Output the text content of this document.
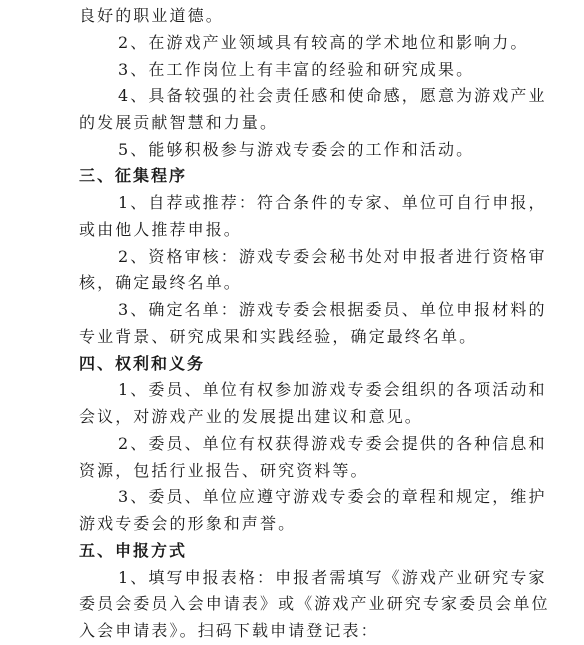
良好的职业道德。
2、在游戏产业领域具有较高的学术地位和影响力。
3、在工作岗位上有丰富的经验和研究成果。
4、具备较强的社会责任感和使命感，愿意为游戏产业
的发展贡献智慧和力量。
5、能够积极参与游戏专委会的工作和活动。
三、征集程序
1、自荐或推荐：符合条件的专家、单位可自行申报，
或由他人推荐申报。
2、资格审核：游戏专委会秘书处对申报者进行资格审
核，确定最终名单。
3、确定名单：游戏专委会根据委员、单位申报材料的
专业背景、研究成果和实践经验，确定最终名单。
四、权利和义务
1、委员、单位有权参加游戏专委会组织的各项活动和
会议，对游戏产业的发展提出建议和意见。
2、委员、单位有权获得游戏专委会提供的各种信息和
资源，包括行业报告、研究资料等。
3、委员、单位应遵守游戏专委会的章程和规定，维护
游戏专委会的形象和声誉。
五、申报方式
1、填写申报表格：申报者需填写《游戏产业研究专家
委员会委员入会申请表》或《游戏产业研究专家委员会单位
入会申请表》。扫码下载申请登记表：
